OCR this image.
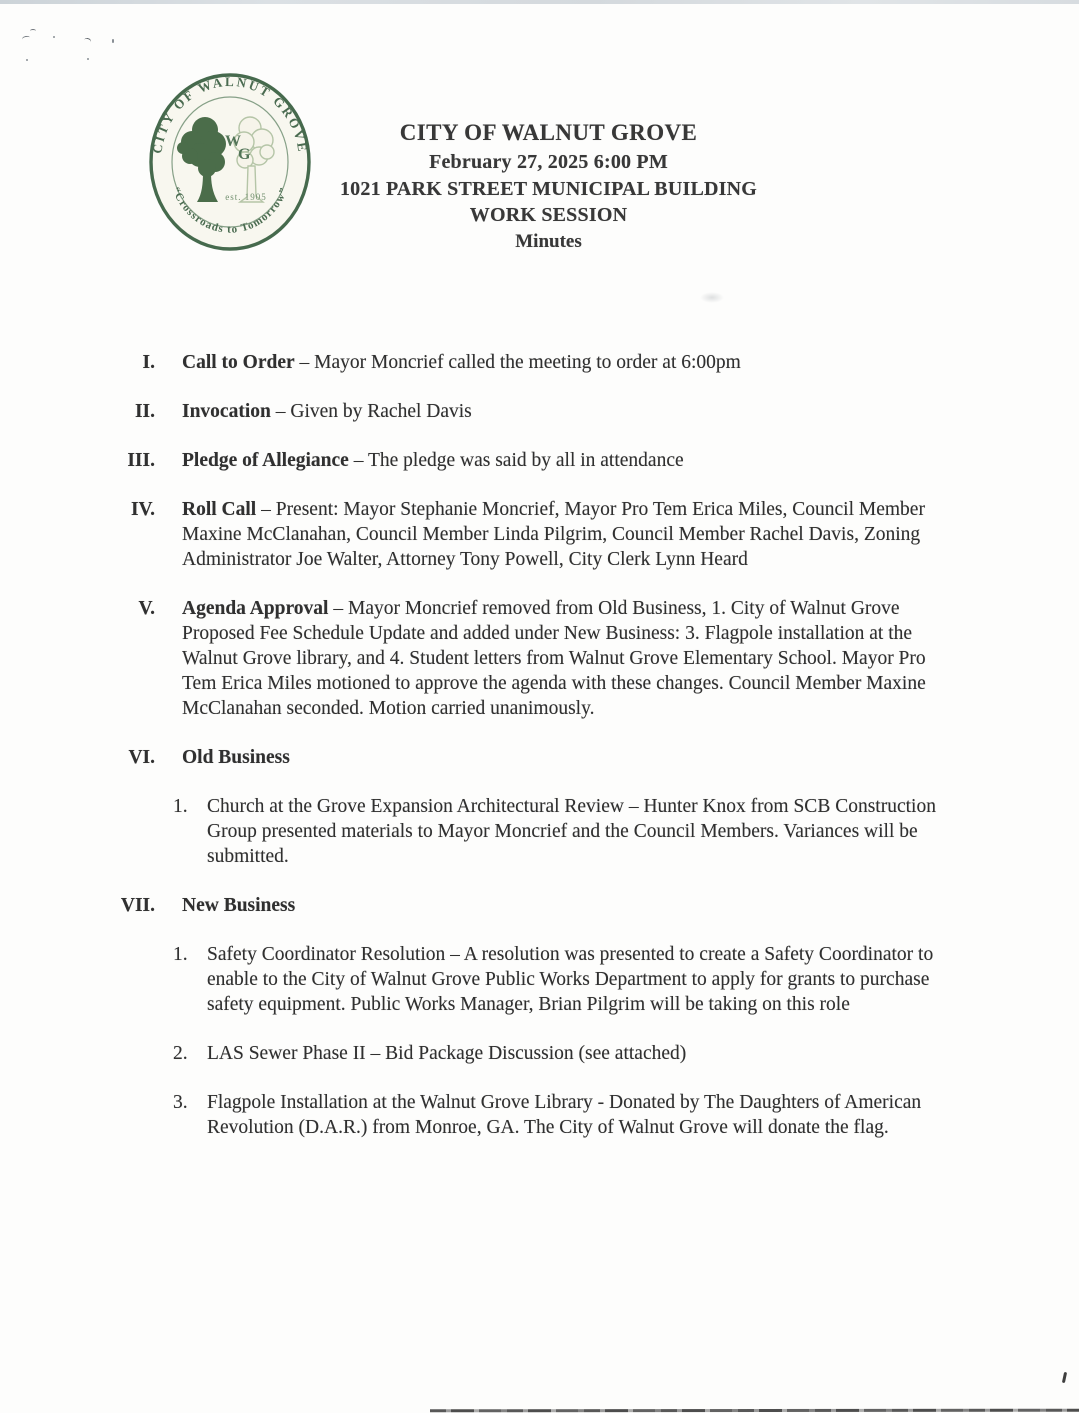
CITY OF WALNUT GROVE
“Crossroads to Tomorrow”
W
G
est. 1905
CITY OF WALNUT GROVE
February 27, 2025 6:00 PM
1021 PARK STREET MUNICIPAL BUILDING
WORK SESSION
Minutes
I. Call to Order – Mayor Moncrief called the meeting to order at 6:00pm

II. Invocation – Given by Rachel Davis

III. Pledge of Allegiance – The pledge was said by all in attendance

IV. Roll Call – Present: Mayor Stephanie Moncrief, Mayor Pro Tem Erica Miles, Council Member Maxine McClanahan, Council Member Linda Pilgrim, Council Member Rachel Davis, Zoning Administrator Joe Walter, Attorney Tony Powell, City Clerk Lynn Heard

V. Agenda Approval – Mayor Moncrief removed from Old Business, 1. City of Walnut Grove Proposed Fee Schedule Update and added under New Business: 3. Flagpole installation at the Walnut Grove library, and 4. Student letters from Walnut Grove Elementary School. Mayor Pro Tem Erica Miles motioned to approve the agenda with these changes. Council Member Maxine McClanahan seconded. Motion carried unanimously.

VI. Old Business

1. Church at the Grove Expansion Architectural Review – Hunter Knox from SCB Construction Group presented materials to Mayor Moncrief and the Council Members. Variances will be submitted.

VII. New Business

1. Safety Coordinator Resolution – A resolution was presented to create a Safety Coordinator to enable to the City of Walnut Grove Public Works Department to apply for grants to purchase safety equipment. Public Works Manager, Brian Pilgrim will be taking on this role

2. LAS Sewer Phase II – Bid Package Discussion (see attached)

3. Flagpole Installation at the Walnut Grove Library - Donated by The Daughters of American Revolution (D.A.R.) from Monroe, GA. The City of Walnut Grove will donate the flag.
